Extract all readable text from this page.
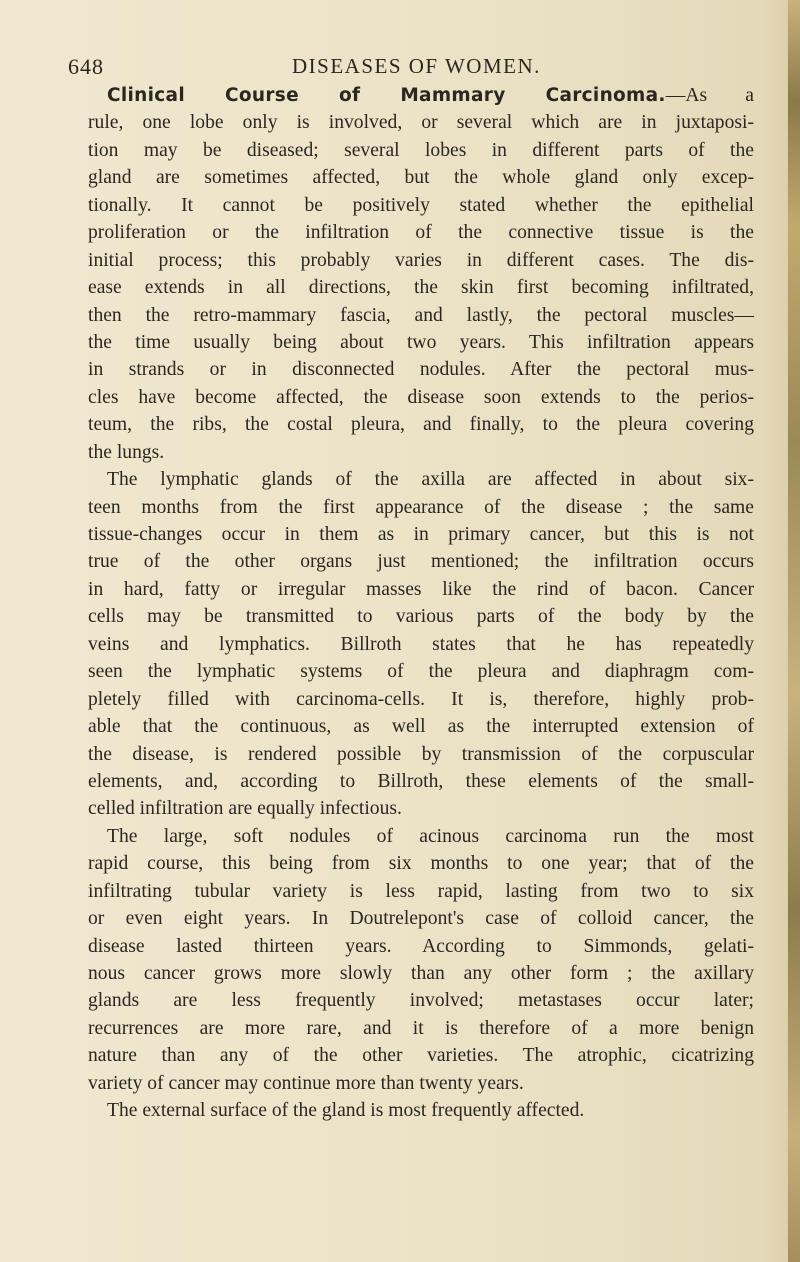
648	DISEASES OF WOMEN.
Clinical Course of Mammary Carcinoma.—As a
rule, one lobe only is involved, or several which are in juxtaposi-
tion may be diseased; several lobes in different parts of the
gland are sometimes affected, but the whole gland only excep-
tionally. It cannot be positively stated whether the epithelial
proliferation or the infiltration of the connective tissue is the
initial process; this probably varies in different cases. The dis-
ease extends in all directions, the skin first becoming infiltrated,
then the retro-mammary fascia, and lastly, the pectoral muscles—
the time usually being about two years. This infiltration appears
in strands or in disconnected nodules. After the pectoral mus-
cles have become affected, the disease soon extends to the perios-
teum, the ribs, the costal pleura, and finally, to the pleura covering
the lungs.
The lymphatic glands of the axilla are affected in about six-
teen months from the first appearance of the disease ; the same
tissue-changes occur in them as in primary cancer, but this is not
true of the other organs just mentioned; the infiltration occurs
in hard, fatty or irregular masses like the rind of bacon. Cancer
cells may be transmitted to various parts of the body by the
veins and lymphatics. Billroth states that he has repeatedly
seen the lymphatic systems of the pleura and diaphragm com-
pletely filled with carcinoma-cells. It is, therefore, highly prob-
able that the continuous, as well as the interrupted extension of
the disease, is rendered possible by transmission of the corpuscular
elements, and, according to Billroth, these elements of the small-
celled infiltration are equally infectious.
The large, soft nodules of acinous carcinoma run the most
rapid course, this being from six months to one year; that of the
infiltrating tubular variety is less rapid, lasting from two to six
or even eight years. In Doutrelepont's case of colloid cancer, the
disease lasted thirteen years. According to Simmonds, gelati-
nous cancer grows more slowly than any other form ; the axillary
glands are less frequently involved; metastases occur later;
recurrences are more rare, and it is therefore of a more benign
nature than any of the other varieties. The atrophic, cicatrizing
variety of cancer may continue more than twenty years.
The external surface of the gland is most frequently affected.
